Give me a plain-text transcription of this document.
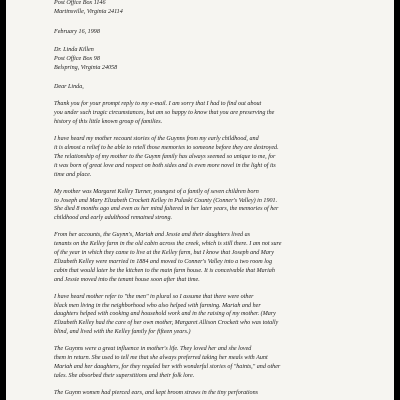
Post Office Box 1146
Martinsville, Virginia 24114
February 16, 1998
Dr. Linda Killen
Post Office Box 98
Belspring, Virginia 24058
Dear Linda,
Thank you for your prompt reply to my e-mail. I am sorry that I had to find out about
you under such tragic circumstances, but am so happy to know that you are preserving the
history of this little known group of families.
I have heard my mother recount stories of the Guynns from my early childhood, and
it is almost a relief to be able to retell those memories to someone before they are destroyed.
The relationship of my mother to the Guynn family has always seemed so unique to me, for
it was born of great love and respect on both sides and is even more novel in the light of its
time and place.
My mother was Margaret Kelley Turner, youngest of a family of seven children born
to Joseph and Mary Elizabeth Crockett Kelley in Pulaski County (Conner's Valley) in 1901.
She died 8 months ago and even as her mind faltered in her later years, the memories of her
childhood and early adulthood remained strong.
From her accounts, the Guynn's, Mariah and Jessie and their daughters lived as
tenants on the Kelley farm in the old cabin across the creek, which is still there. I am not sure
of the year in which they came to live at the Kelley farm, but I know that Joseph and Mary
Elizabeth Kelley were married in 1884 and moved to Conner's Valley into a two room log
cabin that would later be the kitchen to the main farm house. It is conceivable that Mariah
and Jessie moved into the tenant house soon after that time.
I have heard mother refer to "the men" in plural so I assume that there were other
black men living in the neighborhood who also helped with farming. Mariah and her
daughters helped with cooking and household work and in the raising of my mother. (Mary
Elizabeth Kelley had the care of her own mother, Margaret Allison Crockett who was totally
blind, and lived with the Kelley family for fifteen years.)
The Guynns were a great influence in mother's life. They loved her and she loved
them in return. She used to tell me that she always preferred taking her meals with Aunt
Mariah and her daughters, for they regaled her with wonderful stories of "haints," and other
tales. She absorbed their superstitions and their folk lore.
The Guynn women had pierced ears, and kept broom straws in the tiny perforations
